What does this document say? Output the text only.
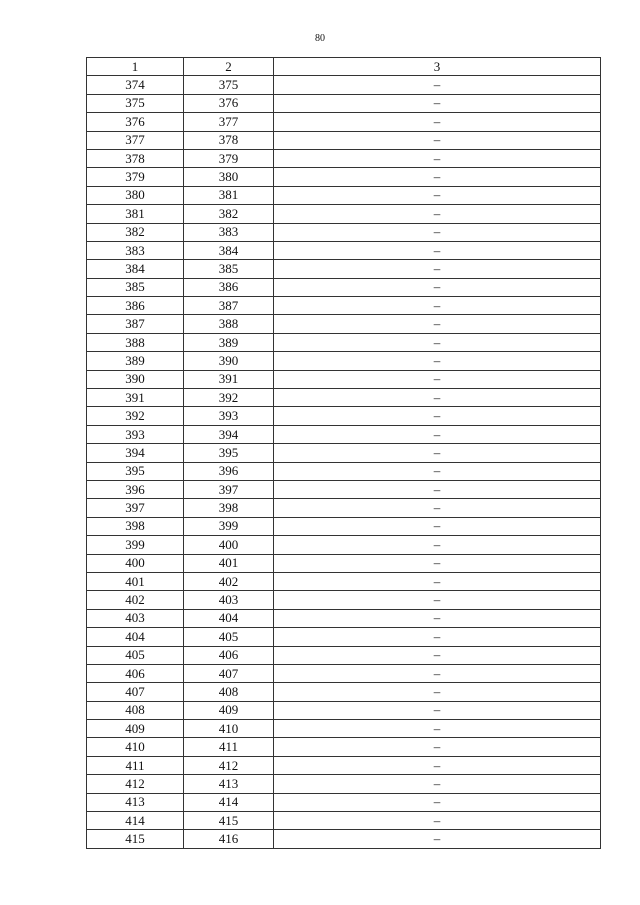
80
1	2	3
374	375	–
375	376	–
376	377	–
377	378	–
378	379	–
379	380	–
380	381	–
381	382	–
382	383	–
383	384	–
384	385	–
385	386	–
386	387	–
387	388	–
388	389	–
389	390	–
390	391	–
391	392	–
392	393	–
393	394	–
394	395	–
395	396	–
396	397	–
397	398	–
398	399	–
399	400	–
400	401	–
401	402	–
402	403	–
403	404	–
404	405	–
405	406	–
406	407	–
407	408	–
408	409	–
409	410	–
410	411	–
411	412	–
412	413	–
413	414	–
414	415	–
415	416	–
